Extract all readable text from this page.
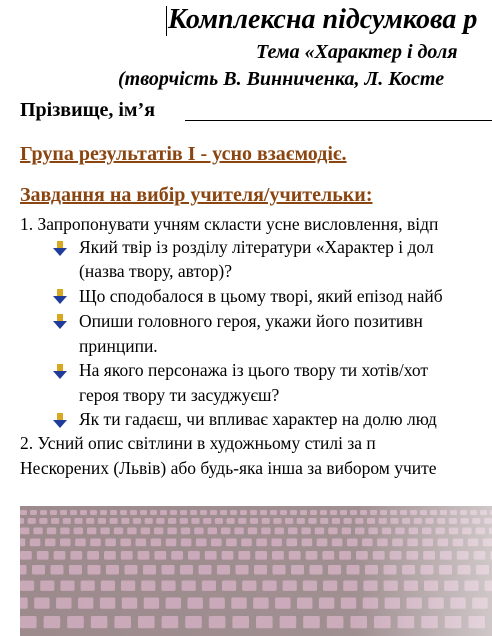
Комплексна підсумкова р
Тема «Характер і доля
(творчість В. Винниченка, Л. Косте
Прізвище, ім’я
Група результатів І - усно взаємодіє.
Завдання на вибір учителя/учительки:
1. Запропонувати учням скласти усне висловлення, відп
Який твір із розділу літератури «Характер і дол
(назва твору, автор)?
Що сподобалося в цьому творі, який епізод найб
Опиши головного героя, укажи його позитивн
принципи.
На якого персонажа із цього твору ти хотів/хот
героя твору ти засуджуєш?
Як ти гадаєш, чи впливає характер на долю люд
2. Усний опис світлини в художньому стилі за п
Нескорених (Львів) або будь-яка інша за вибором учите
